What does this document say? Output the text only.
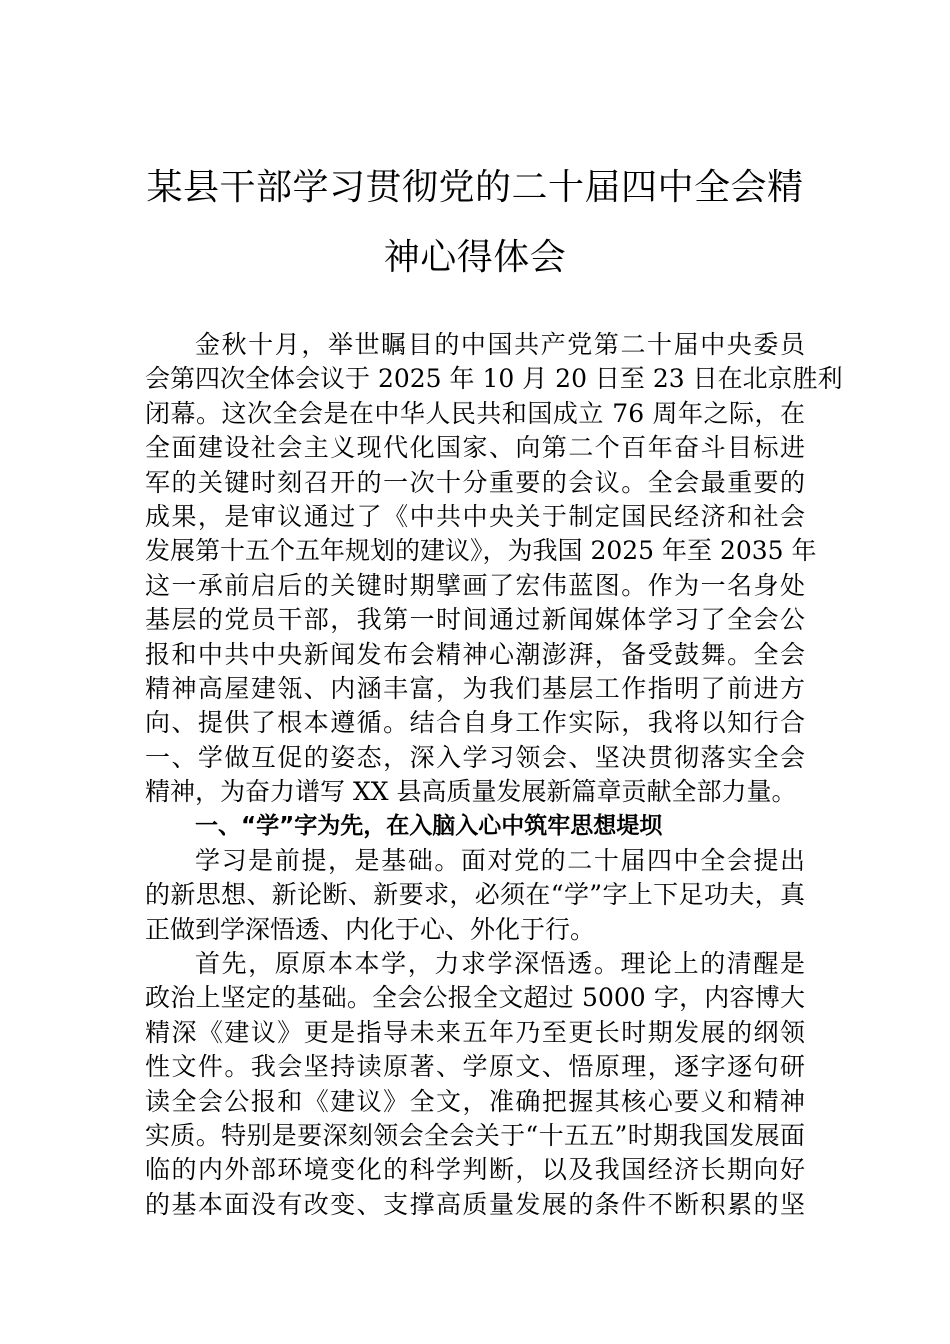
某县干部学习贯彻党的二十届四中全会精
神心得体会
金秋十月，举世瞩目的中国共产党第二十届中央委员
会第四次全体会议于 2025 年 10 月 20 日至 23 日在北京胜利
闭幕。这次全会是在中华人民共和国成立 76 周年之际，在
全面建设社会主义现代化国家、向第二个百年奋斗目标进
军的关键时刻召开的一次十分重要的会议。全会最重要的
成果，是审议通过了《中共中央关于制定国民经济和社会
发展第十五个五年规划的建议》，为我国 2025 年至 2035 年
这一承前启后的关键时期擘画了宏伟蓝图。作为一名身处
基层的党员干部，我第一时间通过新闻媒体学习了全会公
报和中共中央新闻发布会精神心潮澎湃，备受鼓舞。全会
精神高屋建瓴、内涵丰富，为我们基层工作指明了前进方
向、提供了根本遵循。结合自身工作实际，我将以知行合
一、学做互促的姿态，深入学习领会、坚决贯彻落实全会
精神，为奋力谱写 XX 县高质量发展新篇章贡献全部力量。
一、“学”字为先，在入脑入心中筑牢思想堤坝
学习是前提，是基础。面对党的二十届四中全会提出
的新思想、新论断、新要求，必须在“学”字上下足功夫，真
正做到学深悟透、内化于心、外化于行。
首先，原原本本学，力求学深悟透。理论上的清醒是
政治上坚定的基础。全会公报全文超过 5000 字，内容博大
精深《建议》更是指导未来五年乃至更长时期发展的纲领
性文件。我会坚持读原著、学原文、悟原理，逐字逐句研
读全会公报和《建议》全文，准确把握其核心要义和精神
实质。特别是要深刻领会全会关于“十五五”时期我国发展面
临的内外部环境变化的科学判断，以及我国经济长期向好
的基本面没有改变、支撑高质量发展的条件不断积累的坚
